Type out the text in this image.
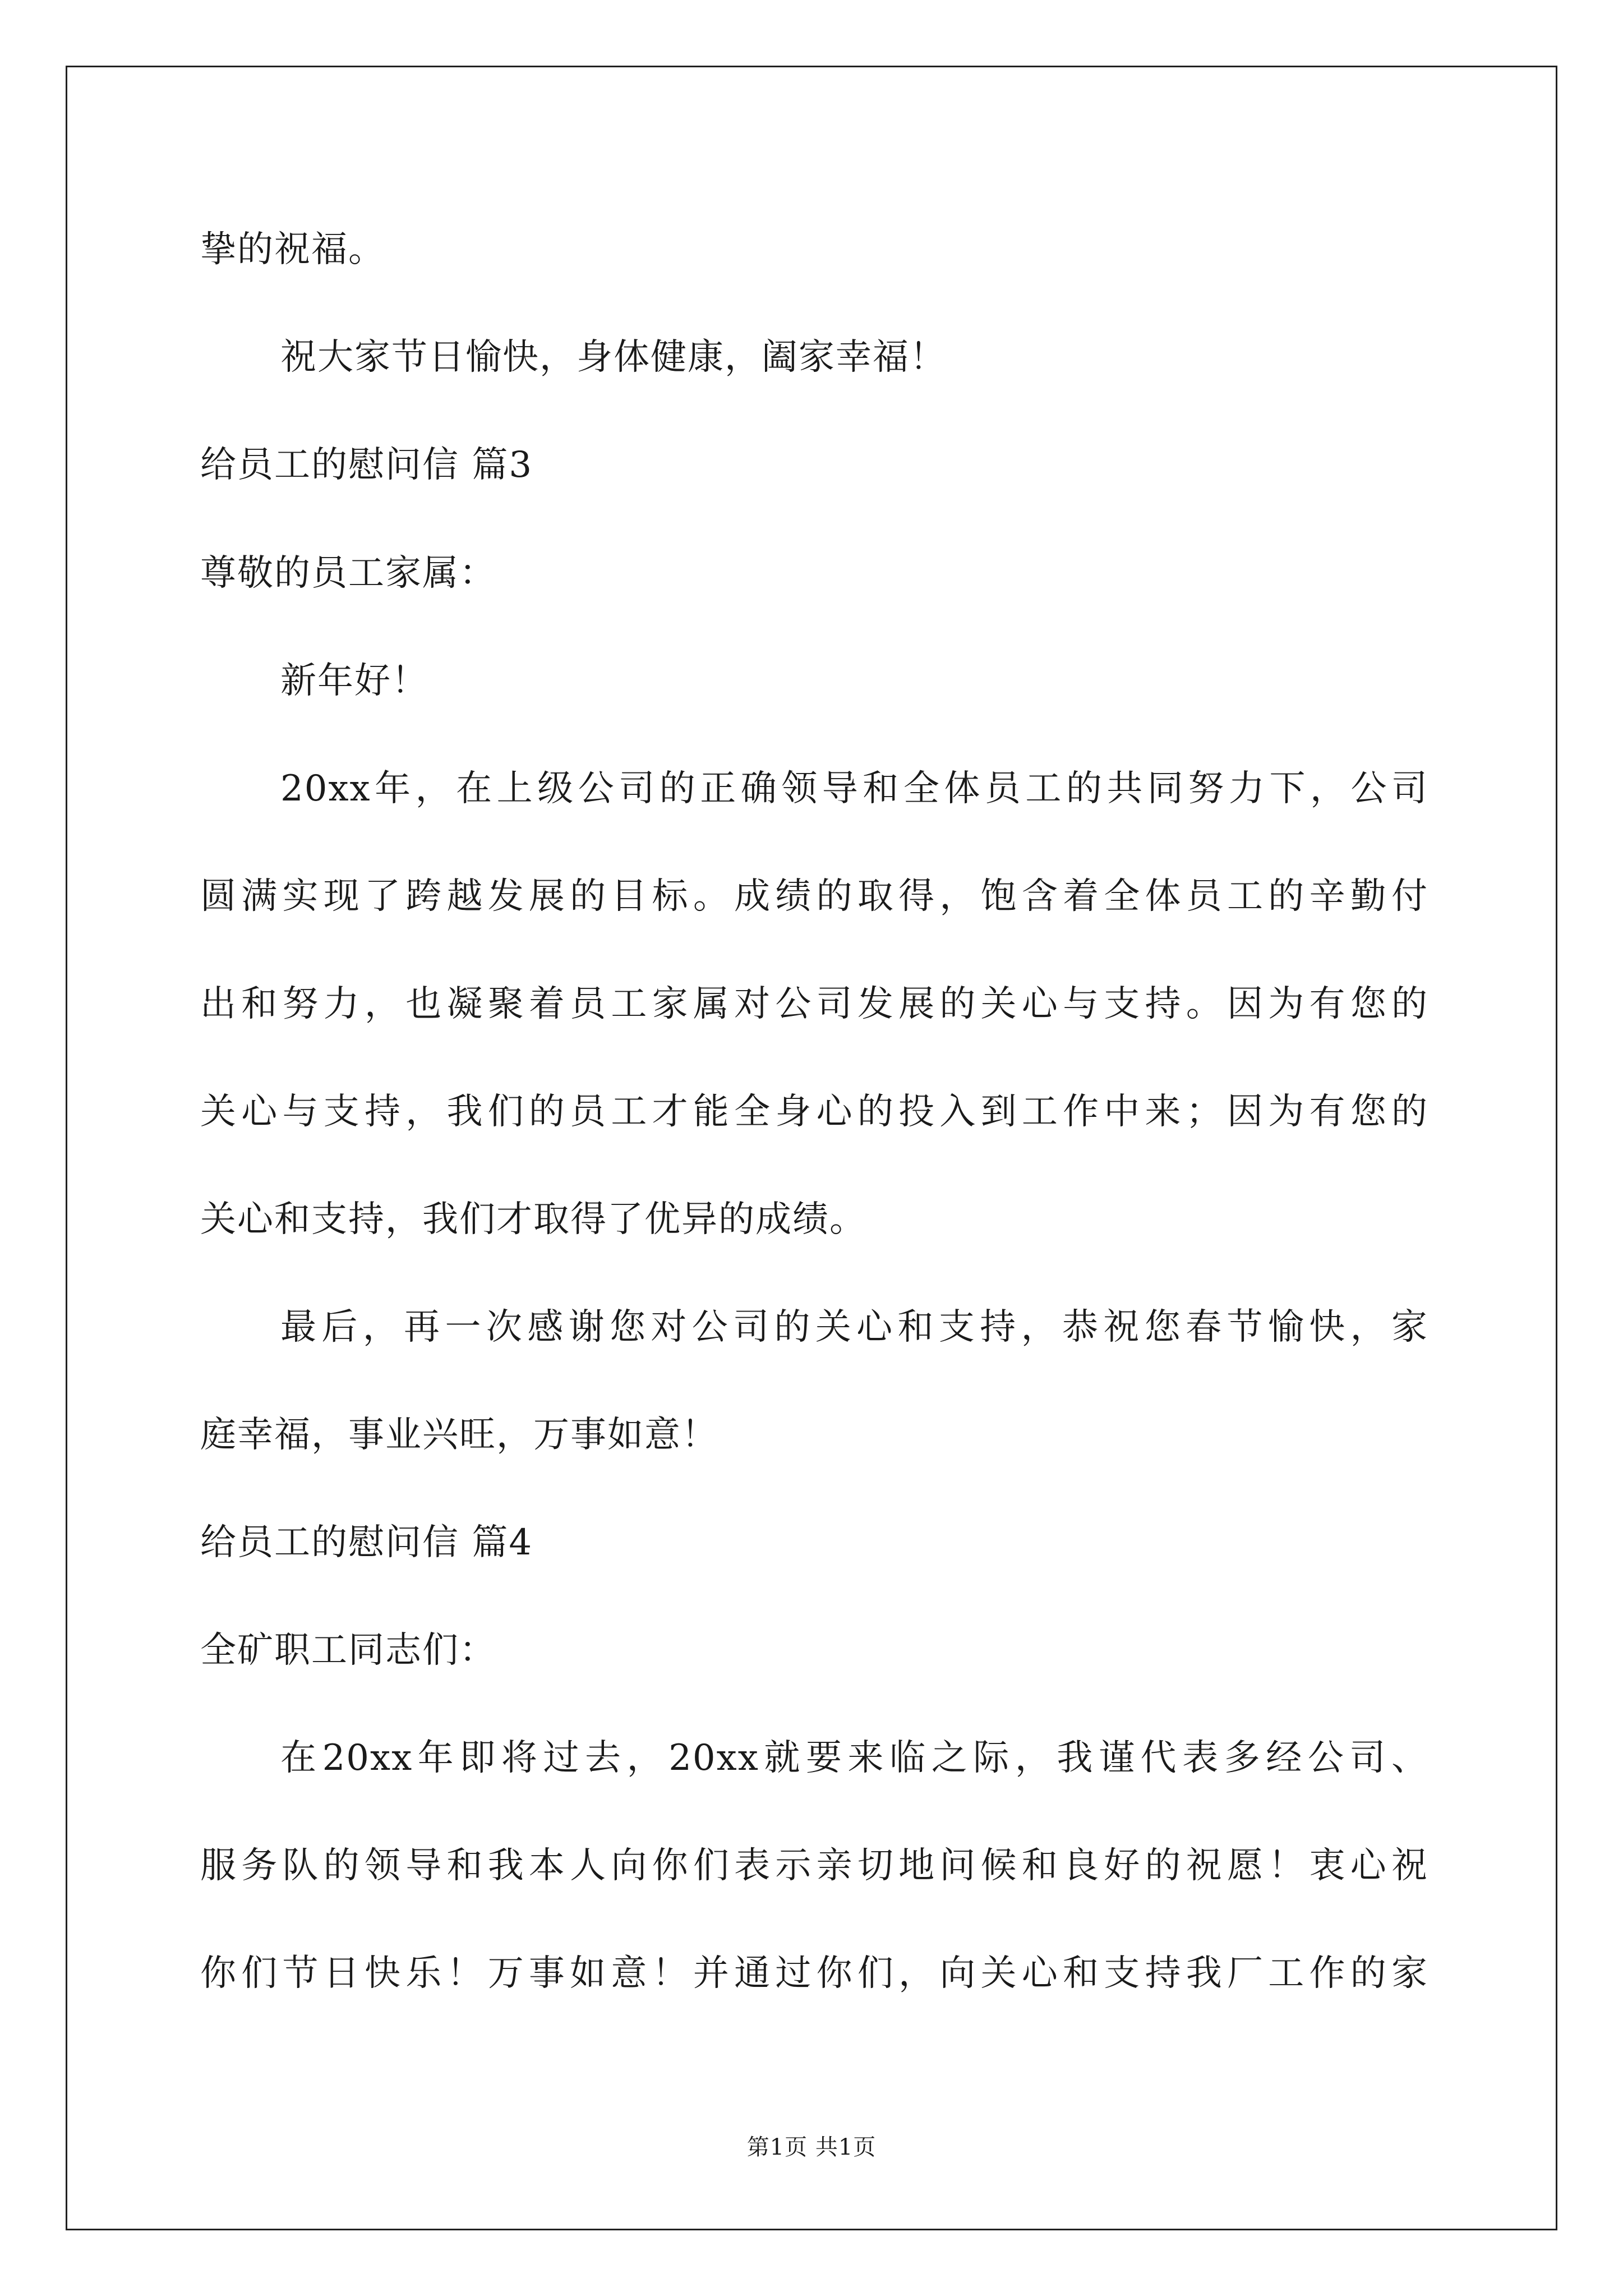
挚的祝福。
祝大家节日愉快，身体健康，阖家幸福！
给员工的慰问信 篇3
尊敬的员工家属：
新年好！
20xx年，在上级公司的正确领导和全体员工的共同努力下，公司
圆满实现了跨越发展的目标。成绩的取得，饱含着全体员工的辛勤付
出和努力，也凝聚着员工家属对公司发展的关心与支持。因为有您的
关心与支持，我们的员工才能全身心的投入到工作中来；因为有您的
关心和支持，我们才取得了优异的成绩。
最后，再一次感谢您对公司的关心和支持，恭祝您春节愉快，家
庭幸福，事业兴旺，万事如意！
给员工的慰问信 篇4
全矿职工同志们：
在20xx年即将过去，20xx就要来临之际，我谨代表多经公司、
服务队的领导和我本人向你们表示亲切地问候和良好的祝愿！衷心祝
你们节日快乐！万事如意！并通过你们，向关心和支持我厂工作的家
第1页 共1页
